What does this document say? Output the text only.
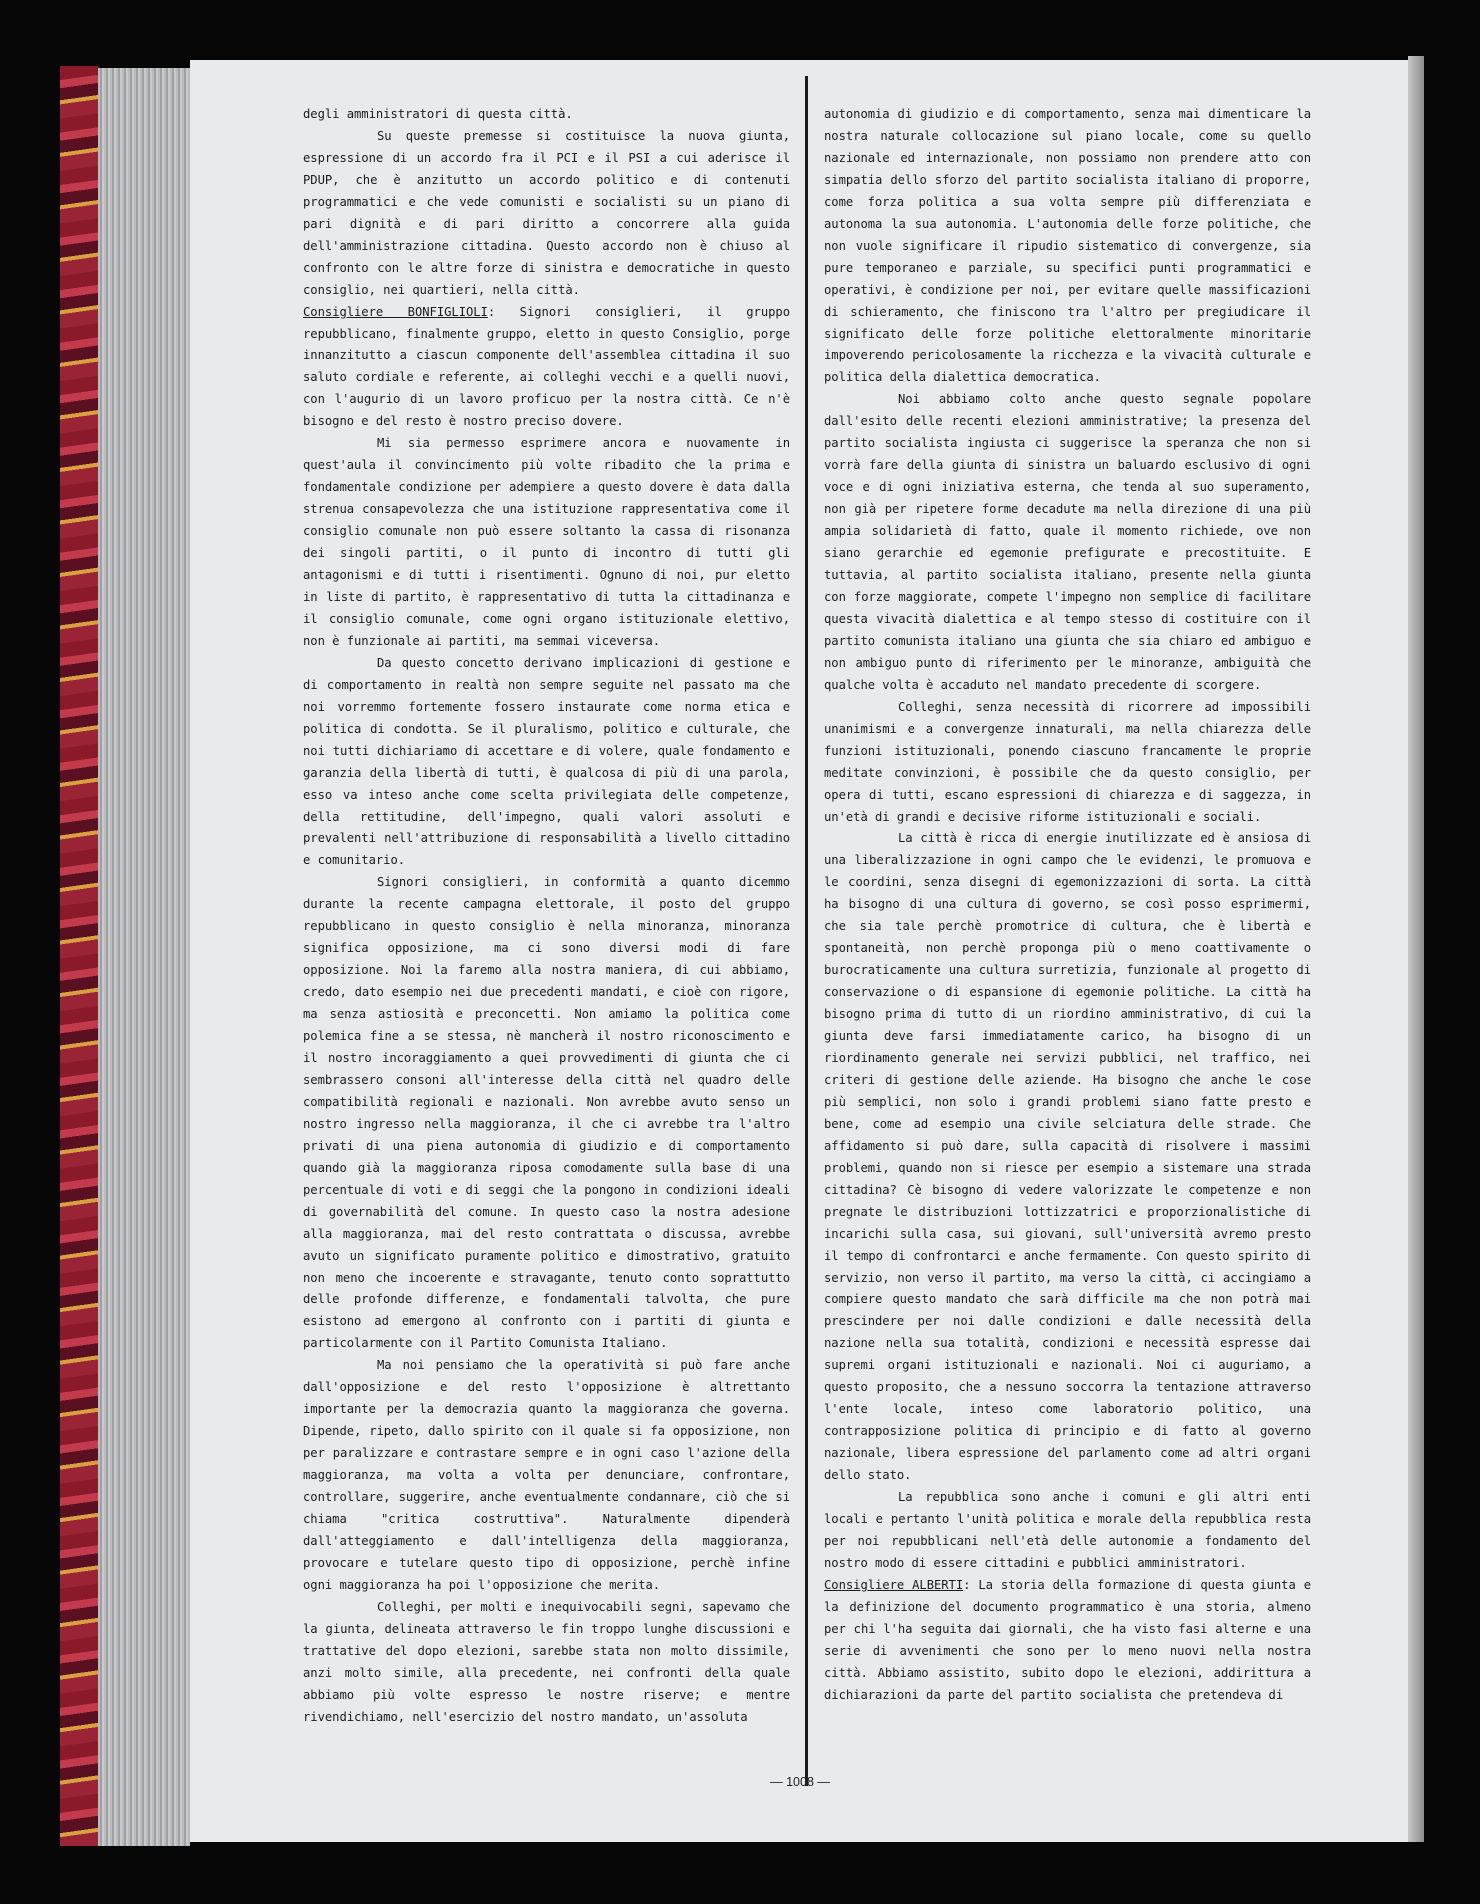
degli amministratori di questa città.

Su queste premesse si costituisce la nuova giunta, espressione di un accordo fra il PCI e il PSI a cui aderisce il PDUP, che è anzitutto un accordo politico e di contenuti programmatici e che vede comunisti e socialisti su un piano di pari dignità e di pari diritto a concorrere alla guida dell'amministrazione cittadina. Questo accordo non è chiuso al confronto con le altre forze di sinistra e democratiche in questo consiglio, nei quartieri, nella città.

Consigliere BONFIGLIOLI: Signori consiglieri, il gruppo repubblicano, finalmente gruppo, eletto in questo Consiglio, porge innanzitutto a ciascun componente dell'assemblea cittadina il suo saluto cordiale e referente, ai colleghi vecchi e a quelli nuovi, con l'augurio di un lavoro proficuo per la nostra città. Ce n'è bisogno e del resto è nostro preciso dovere.

Mi sia permesso esprimere ancora e nuovamente in quest'aula il convincimento più volte ribadito che la prima e fondamentale condizione per adempiere a questo dovere è data dalla strenua consapevolezza che una istituzione rappresentativa come il consiglio comunale non può essere soltanto la cassa di risonanza dei singoli partiti, o il punto di incontro di tutti gli antagonismi e di tutti i risentimenti. Ognuno di noi, pur eletto in liste di partito, è rappresentativo di tutta la cittadinanza e il consiglio comunale, come ogni organo istituzionale elettivo, non è funzionale ai partiti, ma semmai viceversa.

Da questo concetto derivano implicazioni di gestione e di comportamento in realtà non sempre seguite nel passato ma che noi vorremmo fortemente fossero instaurate come norma etica e politica di condotta. Se il pluralismo, politico e culturale, che noi tutti dichiariamo di accettare e di volere, quale fondamento e garanzia della libertà di tutti, è qualcosa di più di una parola, esso va inteso anche come scelta privilegiata delle competenze, della rettitudine, dell'impegno, quali valori assoluti e prevalenti nell'attribuzione di responsabilità a livello cittadino e comunitario.

Signori consiglieri, in conformità a quanto dicemmo durante la recente campagna elettorale, il posto del gruppo repubblicano in questo consiglio è nella minoranza, minoranza significa opposizione, ma ci sono diversi modi di fare opposizione. Noi la faremo alla nostra maniera, di cui abbiamo, credo, dato esempio nei due precedenti mandati, e cioè con rigore, ma senza astiosità e preconcetti. Non amiamo la politica come polemica fine a se stessa, nè mancherà il nostro riconoscimento e il nostro incoraggiamento a quei provvedimenti di giunta che ci sembrassero consoni all'interesse della città nel quadro delle compatibilità regionali e nazionali. Non avrebbe avuto senso un nostro ingresso nella maggioranza, il che ci avrebbe tra l'altro privati di una piena autonomia di giudizio e di comportamento quando già la maggioranza riposa comodamente sulla base di una percentuale di voti e di seggi che la pongono in condizioni ideali di governabilità del comune. In questo caso la nostra adesione alla maggioranza, mai del resto contrattata o discussa, avrebbe avuto un significato puramente politico e dimostrativo, gratuito non meno che incoerente e stravagante, tenuto conto soprattutto delle profonde differenze, e fondamentali talvolta, che pure esistono ad emergono al confronto con i partiti di giunta e particolarmente con il Partito Comunista Italiano.

Ma noi pensiamo che la operatività si può fare anche dall'opposizione e del resto l'opposizione è altrettanto importante per la democrazia quanto la maggioranza che governa. Dipende, ripeto, dallo spirito con il quale si fa opposizione, non per paralizzare e contrastare sempre e in ogni caso l'azione della maggioranza, ma volta a volta per denunciare, confrontare, controllare, suggerire, anche eventualmente condannare, ciò che si chiama "critica costruttiva". Naturalmente dipenderà dall'atteggiamento e dall'intelligenza della maggioranza, provocare e tutelare questo tipo di opposizione, perchè infine ogni maggioranza ha poi l'opposizione che merita.

Colleghi, per molti e inequivocabili segni, sapevamo che la giunta, delineata attraverso le fin troppo lunghe discussioni e trattative del dopo elezioni, sarebbe stata non molto dissimile, anzi molto simile, alla precedente, nei confronti della quale abbiamo più volte espresso le nostre riserve; e mentre rivendichiamo, nell'esercizio del nostro mandato, un'assoluta

autonomia di giudizio e di comportamento, senza mai dimenticare la nostra naturale collocazione sul piano locale, come su quello nazionale ed internazionale, non possiamo non prendere atto con simpatia dello sforzo del partito socialista italiano di proporre, come forza politica a sua volta sempre più differenziata e autonoma la sua autonomia. L'autonomia delle forze politiche, che non vuole significare il ripudio sistematico di convergenze, sia pure temporaneo e parziale, su specifici punti programmatici e operativi, è condizione per noi, per evitare quelle massificazioni di schieramento, che finiscono tra l'altro per pregiudicare il significato delle forze politiche elettoralmente minoritarie impoverendo pericolosamente la ricchezza e la vivacità culturale e politica della dialettica democratica.

Noi abbiamo colto anche questo segnale popolare dall'esito delle recenti elezioni amministrative; la presenza del partito socialista ingiusta ci suggerisce la speranza che non si vorrà fare della giunta di sinistra un baluardo esclusivo di ogni voce e di ogni iniziativa esterna, che tenda al suo superamento, non già per ripetere forme decadute ma nella direzione di una più ampia solidarietà di fatto, quale il momento richiede, ove non siano gerarchie ed egemonie prefigurate e precostituite. E tuttavia, al partito socialista italiano, presente nella giunta con forze maggiorate, compete l'impegno non semplice di facilitare questa vivacità dialettica e al tempo stesso di costituire con il partito comunista italiano una giunta che sia chiaro ed ambiguo e non ambiguo punto di riferimento per le minoranze, ambiguità che qualche volta è accaduto nel mandato precedente di scorgere.

Colleghi, senza necessità di ricorrere ad impossibili unanimismi e a convergenze innaturali, ma nella chiarezza delle funzioni istituzionali, ponendo ciascuno francamente le proprie meditate convinzioni, è possibile che da questo consiglio, per opera di tutti, escano espressioni di chiarezza e di saggezza, in un'età di grandi e decisive riforme istituzionali e sociali.

La città è ricca di energie inutilizzate ed è ansiosa di una liberalizzazione in ogni campo che le evidenzi, le promuova e le coordini, senza disegni di egemonizzazioni di sorta. La città ha bisogno di una cultura di governo, se così posso esprimermi, che sia tale perchè promotrice di cultura, che è libertà e spontaneità, non perchè proponga più o meno coattivamente o burocraticamente una cultura surretizia, funzionale al progetto di conservazione o di espansione di egemonie politiche. La città ha bisogno prima di tutto di un riordino amministrativo, di cui la giunta deve farsi immediatamente carico, ha bisogno di un riordinamento generale nei servizi pubblici, nel traffico, nei criteri di gestione delle aziende. Ha bisogno che anche le cose più semplici, non solo i grandi problemi siano fatte presto e bene, come ad esempio una civile selciatura delle strade. Che affidamento si può dare, sulla capacità di risolvere i massimi problemi, quando non si riesce per esempio a sistemare una strada cittadina? Cè bisogno di vedere valorizzate le competenze e non pregnate le distribuzioni lottizzatrici e proporzionalistiche di incarichi sulla casa, sui giovani, sull'università avremo presto il tempo di confrontarci e anche fermamente. Con questo spirito di servizio, non verso il partito, ma verso la città, ci accingiamo a compiere questo mandato che sarà difficile ma che non potrà mai prescindere per noi dalle condizioni e dalle necessità della nazione nella sua totalità, condizioni e necessità espresse dai supremi organi istituzionali e nazionali. Noi ci auguriamo, a questo proposito, che a nessuno soccorra la tentazione attraverso l'ente locale, inteso come laboratorio politico, una contrapposizione politica di principio e di fatto al governo nazionale, libera espressione del parlamento come ad altri organi dello stato.

La repubblica sono anche i comuni e gli altri enti locali e pertanto l'unità politica e morale della repubblica resta per noi repubblicani nell'età delle autonomie a fondamento del nostro modo di essere cittadini e pubblici amministratori.

Consigliere ALBERTI: La storia della formazione di questa giunta e la definizione del documento programmatico è una storia, almeno per chi l'ha seguita dai giornali, che ha visto fasi alterne e una serie di avvenimenti che sono per lo meno nuovi nella nostra città. Abbiamo assistito, subito dopo le elezioni, addirittura a dichiarazioni da parte del partito socialista che pretendeva di

— 1008 —
